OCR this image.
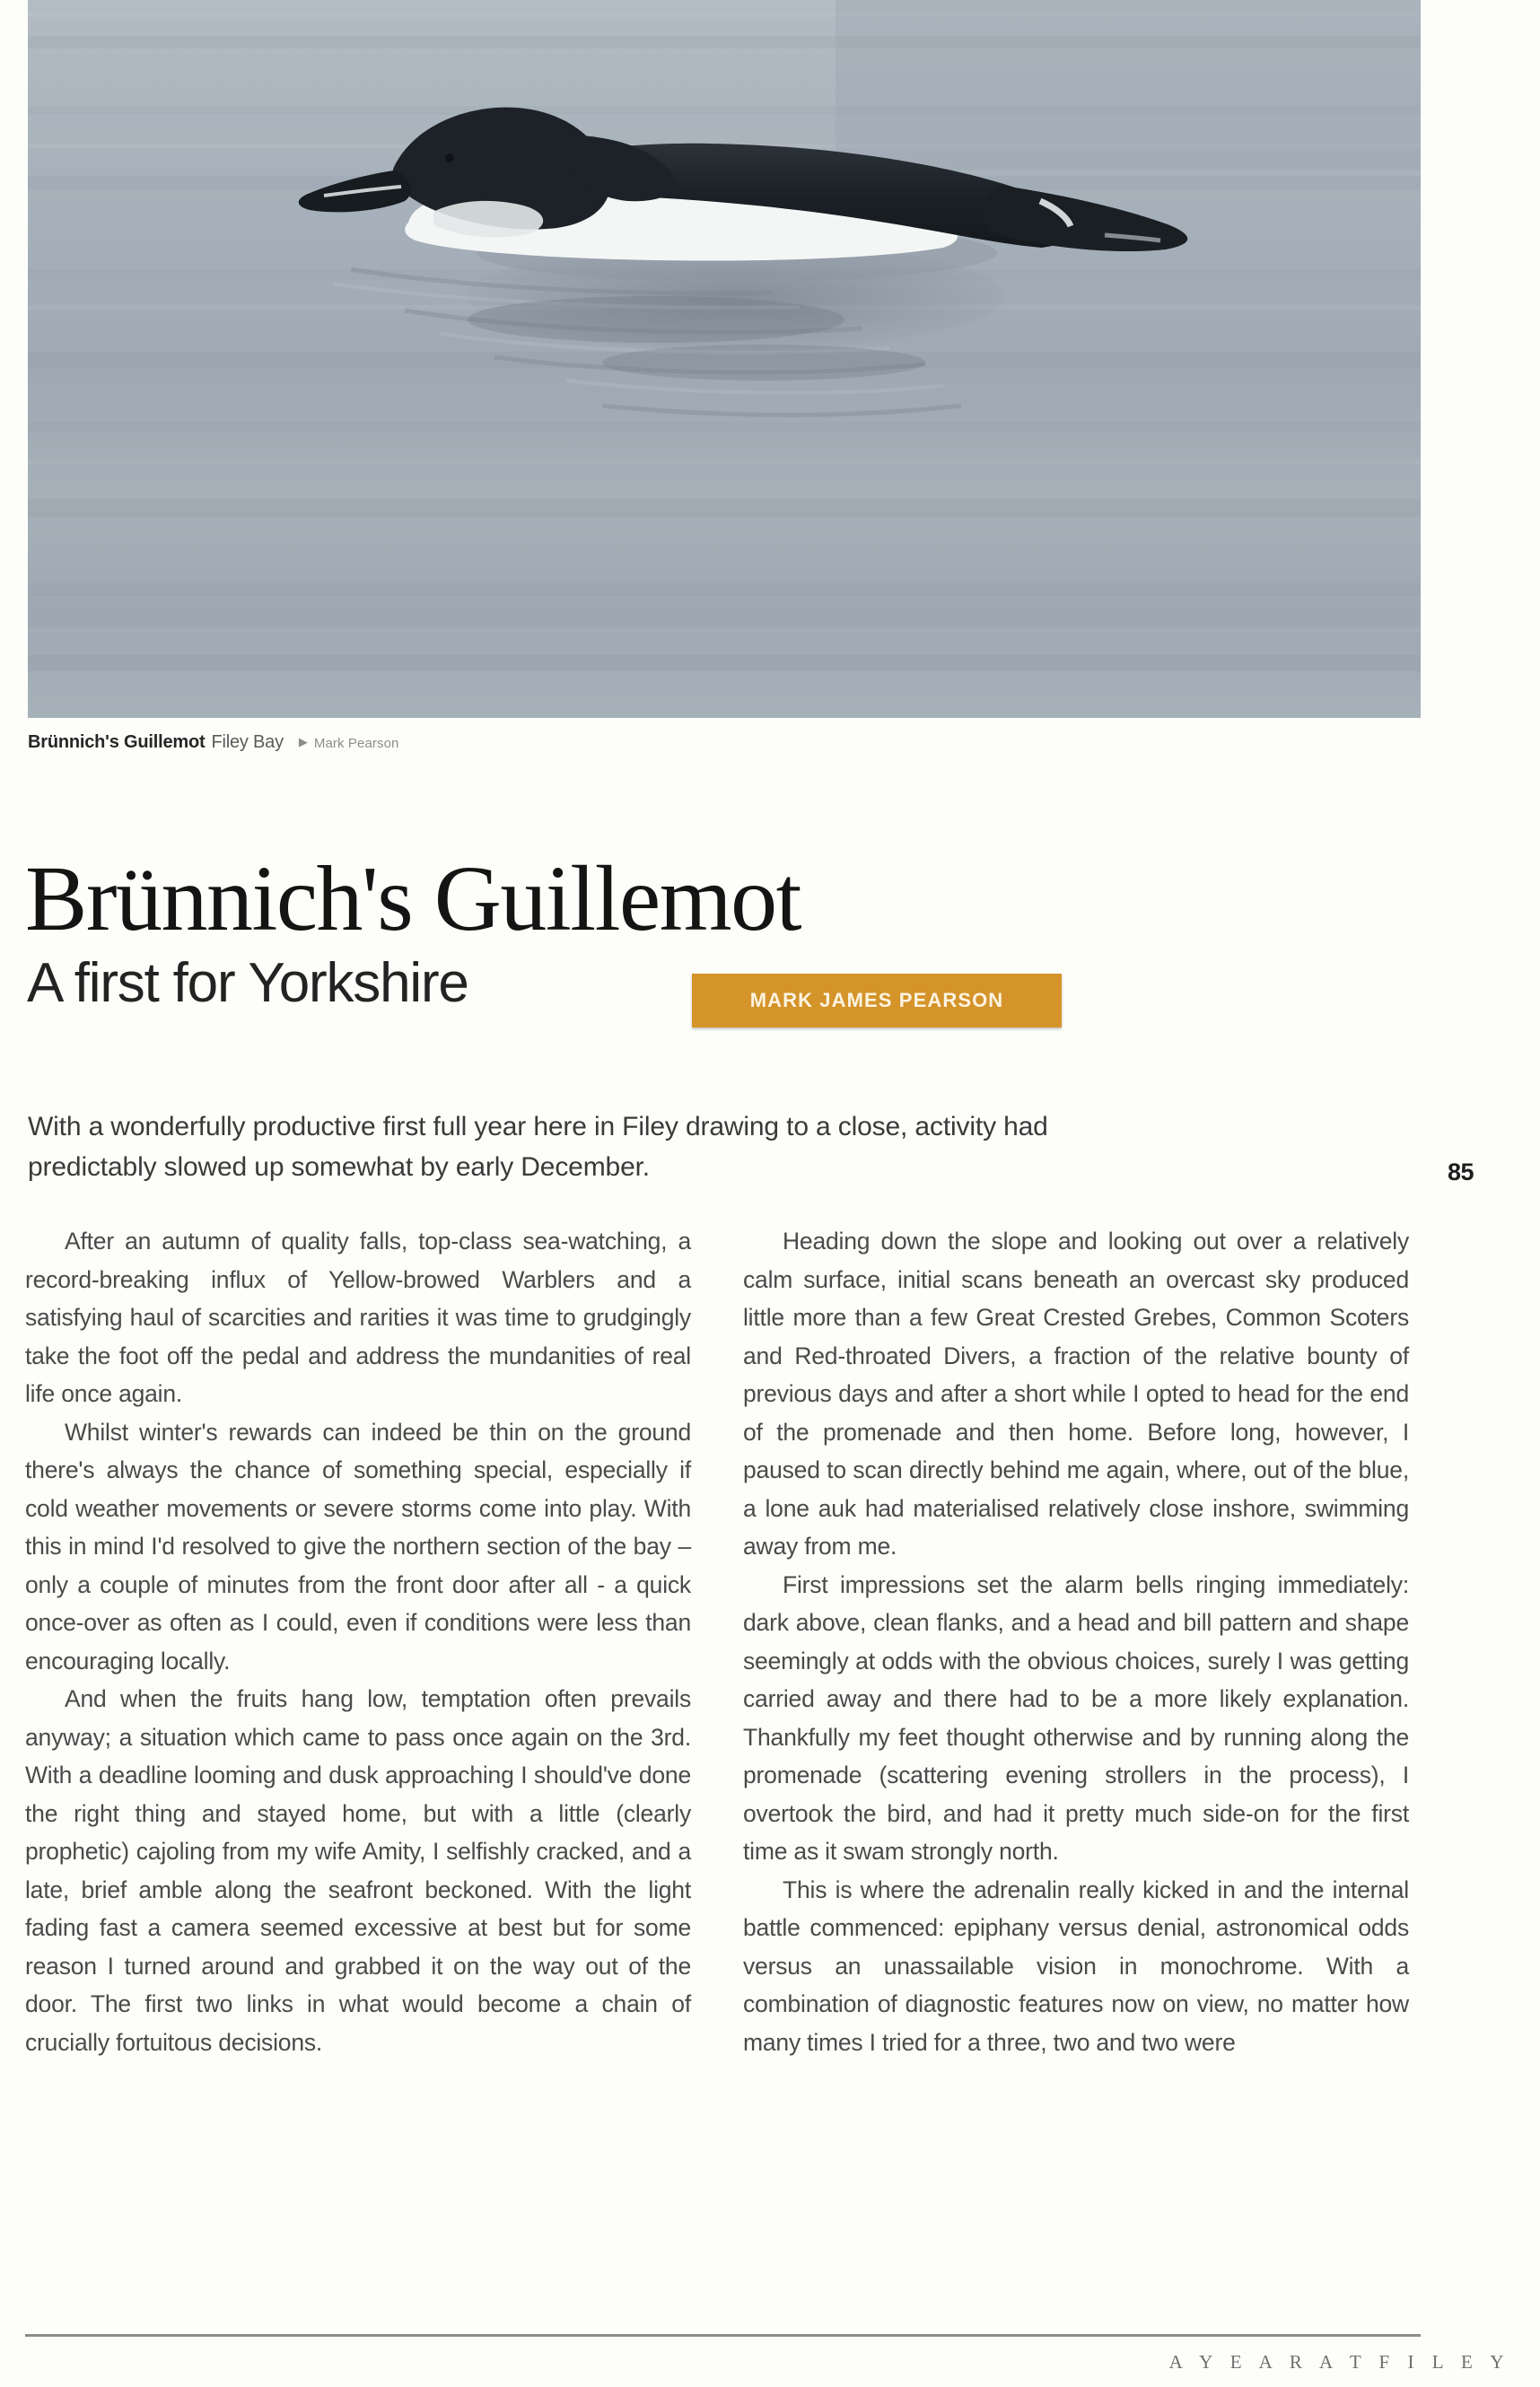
Brünnich's Guillemot Filey Bay ▶ Mark Pearson
Brünnich's Guillemot
A first for Yorkshire	MARK JAMES PEARSON
With a wonderfully productive first full year here in Filey drawing to a close, activity had
predictably slowed up somewhat by early December.	85

After an autumn of quality falls, top-class sea-watching, a record-breaking influx of Yellow-browed Warblers and a satisfying haul of scarcities and rarities it was time to grudgingly take the foot off the pedal and address the mundanities of real life once again.

Whilst winter's rewards can indeed be thin on the ground there's always the chance of something special, especially if cold weather movements or severe storms come into play. With this in mind I'd resolved to give the northern section of the bay – only a couple of minutes from the front door after all - a quick once-over as often as I could, even if conditions were less than encouraging locally.

And when the fruits hang low, temptation often prevails anyway; a situation which came to pass once again on the 3rd. With a deadline looming and dusk approaching I should've done the right thing and stayed home, but with a little (clearly prophetic) cajoling from my wife Amity, I selfishly cracked, and a late, brief amble along the seafront beckoned. With the light fading fast a camera seemed excessive at best but for some reason I turned around and grabbed it on the way out of the door. The first two links in what would become a chain of crucially fortuitous decisions.

Heading down the slope and looking out over a relatively calm surface, initial scans beneath an overcast sky produced little more than a few Great Crested Grebes, Common Scoters and Red-throated Divers, a fraction of the relative bounty of previous days and after a short while I opted to head for the end of the promenade and then home. Before long, however, I paused to scan directly behind me again, where, out of the blue, a lone auk had materialised relatively close inshore, swimming away from me.

First impressions set the alarm bells ringing immediately: dark above, clean flanks, and a head and bill pattern and shape seemingly at odds with the obvious choices, surely I was getting carried away and there had to be a more likely explanation. Thankfully my feet thought otherwise and by running along the promenade (scattering evening strollers in the process), I overtook the bird, and had it pretty much side-on for the first time as it swam strongly north.

This is where the adrenalin really kicked in and the internal battle commenced: epiphany versus denial, astronomical odds versus an unassailable vision in monochrome. With a combination of diagnostic features now on view, no matter how many times I tried for a three, two and two were

A Y E A R A T F I L E Y
